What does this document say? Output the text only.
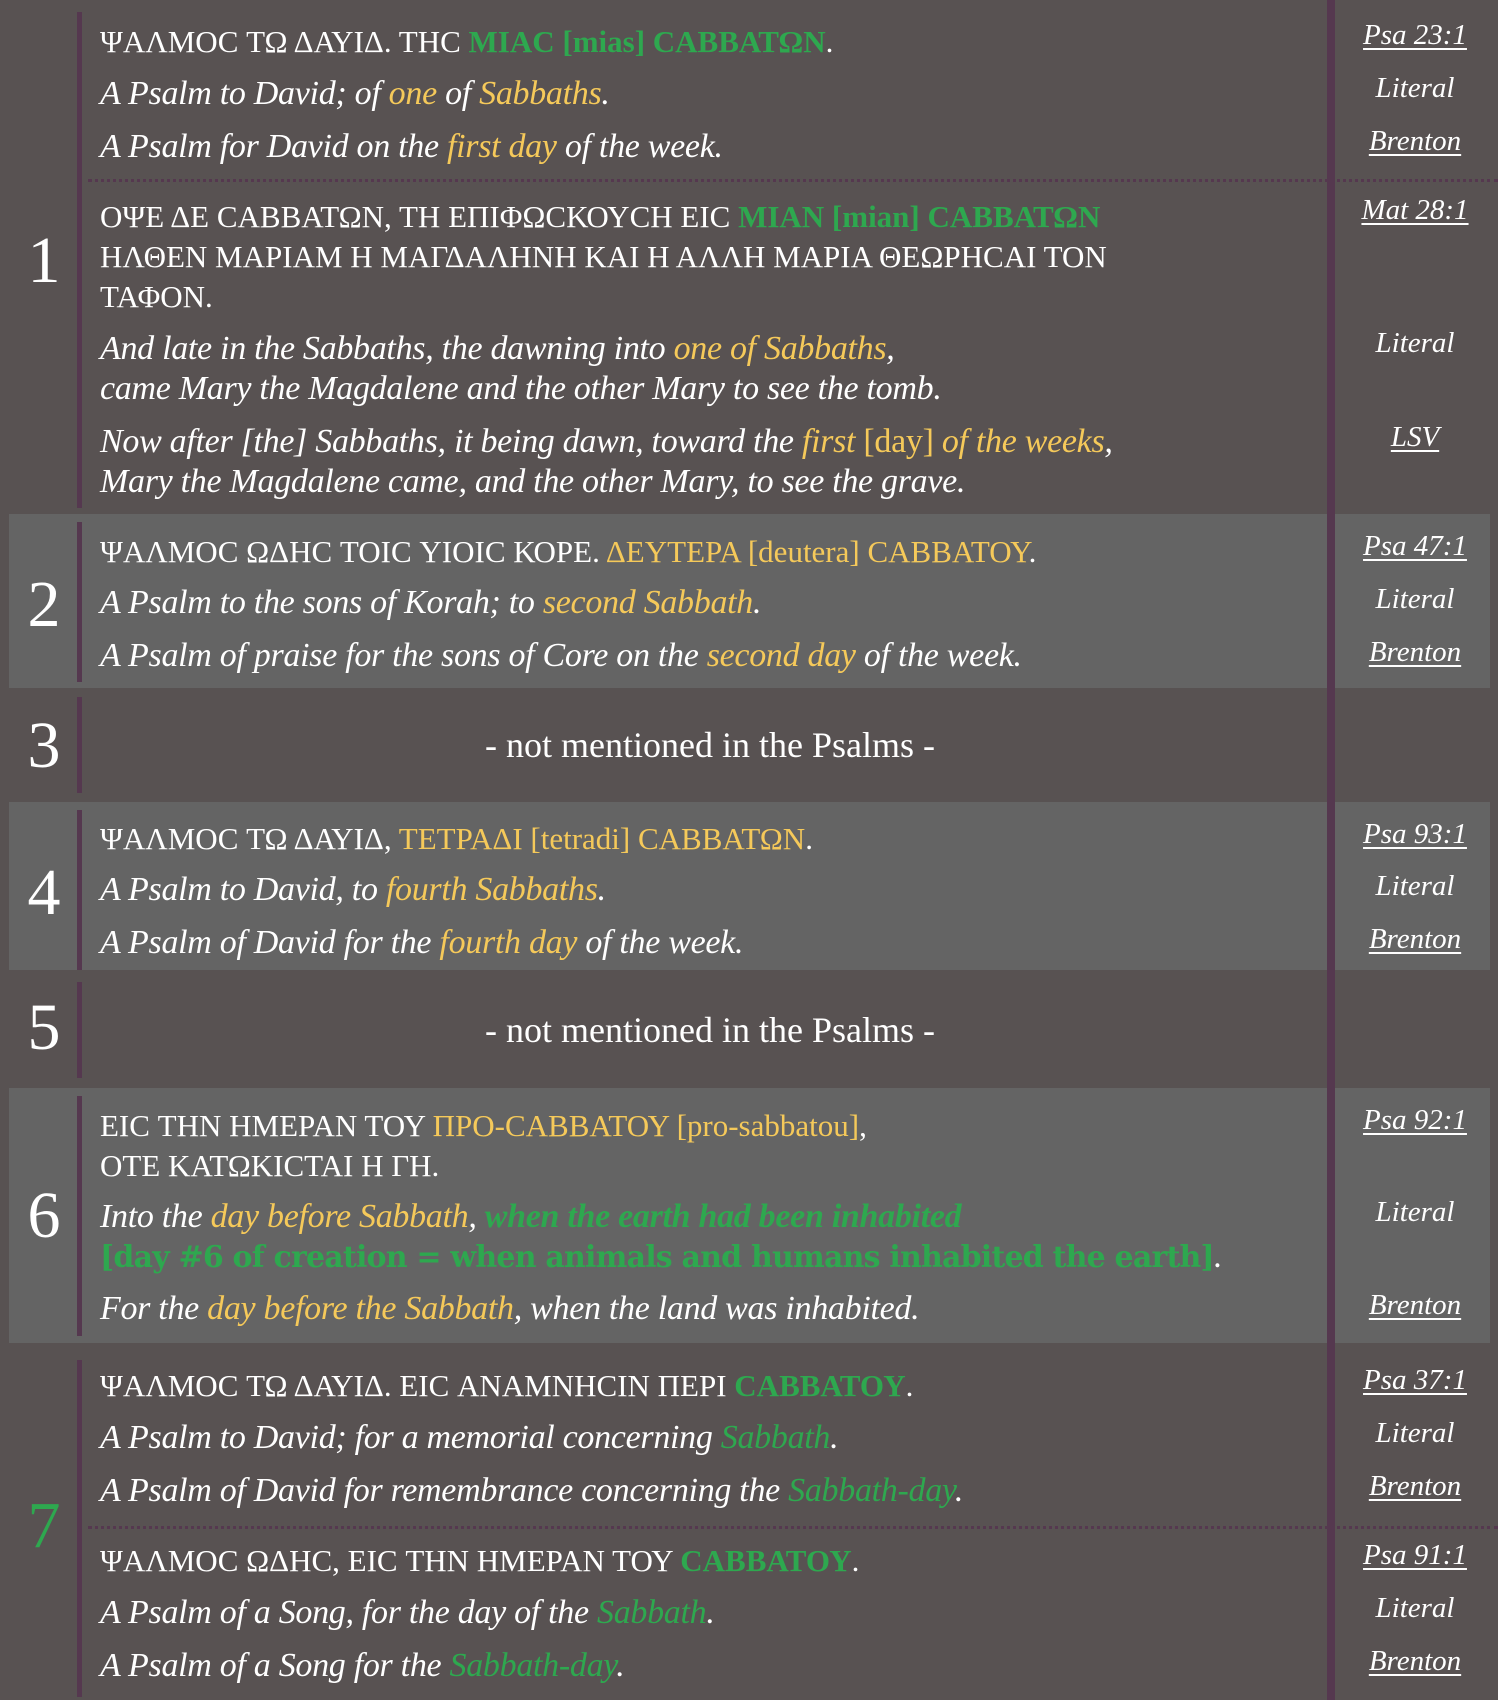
1
ΨΑΛΜΟC ΤΩ ΔΑΥΙΔ. ΤΗC ΜΙΑC [mias] CΑΒΒΑΤΩΝ.
A Psalm to David; of one of Sabbaths.
A Psalm for David on the first day of the week.
ΟΨΕ ΔΕ CΑΒΒΑΤΩΝ, ΤΗ ΕΠΙΦΩCΚΟΥCΗ ΕΙC ΜΙΑΝ [mian] CΑΒΒΑΤΩΝ
ΗΛΘΕΝ ΜΑΡΙΑΜ Η ΜΑΓΔΑΛΗΝΗ ΚΑΙ Η ΑΛΛΗ ΜΑΡΙΑ ΘΕΩΡΗCΑΙ ΤΟΝ
ΤΑΦΟΝ.
And late in the Sabbaths, the dawning into one of Sabbaths,
came Mary the Magdalene and the other Mary to see the tomb.
Now after [the] Sabbaths, it being dawn, toward the first [day] of the weeks,
Mary the Magdalene came, and the other Mary, to see the grave.
Psa 23:1
Literal
Brenton
Mat 28:1
Literal
LSV
2
ΨΑΛΜΟC ΩΔΗC ΤΟΙC ΥΙΟΙC ΚΟΡΕ. ΔΕΥΤΕΡΑ [deutera] CΑΒΒΑΤΟΥ.
A Psalm to the sons of Korah; to second Sabbath.
A Psalm of praise for the sons of Core on the second day of the week.
Psa 47:1
Literal
Brenton
3	- not mentioned in the Psalms -
4
ΨΑΛΜΟC ΤΩ ΔΑΥΙΔ, ΤΕΤΡΑΔΙ [tetradi] CΑΒΒΑΤΩΝ.
A Psalm to David, to fourth Sabbaths.
A Psalm of David for the fourth day of the week.
Psa 93:1
Literal
Brenton
5	- not mentioned in the Psalms -
6
ΕΙC ΤΗΝ ΗΜΕΡΑΝ ΤΟΥ ΠΡΟ-CΑΒΒΑΤΟΥ [pro-sabbatou],
ΟΤΕ ΚΑΤΩΚΙCΤΑΙ Η ΓΗ.
Into the day before Sabbath, when the earth had been inhabited
[day #6 of creation = when animals and humans inhabited the earth].
For the day before the Sabbath, when the land was inhabited.
Psa 92:1
Literal
Brenton
7
ΨΑΛΜΟC ΤΩ ΔΑΥΙΔ. ΕΙC ΑΝΑΜΝΗCΙΝ ΠΕΡΙ CΑΒΒΑΤΟΥ.
A Psalm to David; for a memorial concerning Sabbath.
A Psalm of David for remembrance concerning the Sabbath-day.
ΨΑΛΜΟC ΩΔΗC, ΕΙC ΤΗΝ ΗΜΕΡΑΝ ΤΟΥ CΑΒΒΑΤΟΥ.
A Psalm of a Song, for the day of the Sabbath.
A Psalm of a Song for the Sabbath-day.
Psa 37:1
Literal
Brenton
Psa 91:1
Literal
Brenton
